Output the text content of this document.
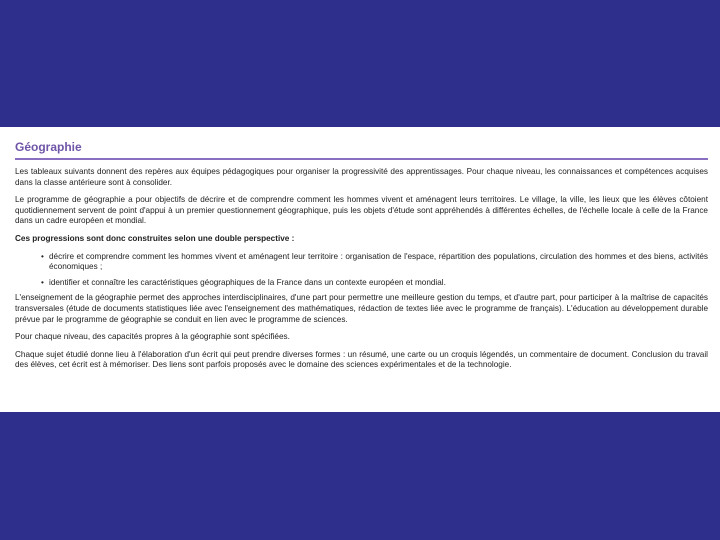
Géographie

Les tableaux suivants donnent des repères aux équipes pédagogiques pour organiser la progressivité des apprentissages. Pour chaque niveau, les connaissances et compétences acquises dans la classe antérieure sont à consolider.

Le programme de géographie a pour objectifs de décrire et de comprendre comment les hommes vivent et aménagent leurs territoires. Le village, la ville, les lieux que les élèves côtoient quotidiennement servent de point d'appui à un premier questionnement géographique, puis les objets d'étude sont appréhendés à différentes échelles, de l'échelle locale à celle de la France dans un cadre européen et mondial.

Ces progressions sont donc construites selon une double perspective :

• décrire et comprendre comment les hommes vivent et aménagent leur territoire : organisation de l'espace, répartition des populations, circulation des hommes et des biens, activités économiques ;
• identifier et connaître les caractéristiques géographiques de la France dans un contexte européen et mondial.

L'enseignement de la géographie permet des approches interdisciplinaires, d'une part pour permettre une meilleure gestion du temps, et d'autre part, pour participer à la maîtrise de capacités transversales (étude de documents statistiques liée avec l'enseignement des mathématiques, rédaction de textes liée avec le programme de français). L'éducation au développement durable prévue par le programme de géographie se conduit en lien avec le programme de sciences.

Pour chaque niveau, des capacités propres à la géographie sont spécifiées.

Chaque sujet étudié donne lieu à l'élaboration d'un écrit qui peut prendre diverses formes : un résumé, une carte ou un croquis légendés, un commentaire de document. Conclusion du travail des élèves, cet écrit est à mémoriser. Des liens sont parfois proposés avec le domaine des sciences expérimentales et de la technologie.
